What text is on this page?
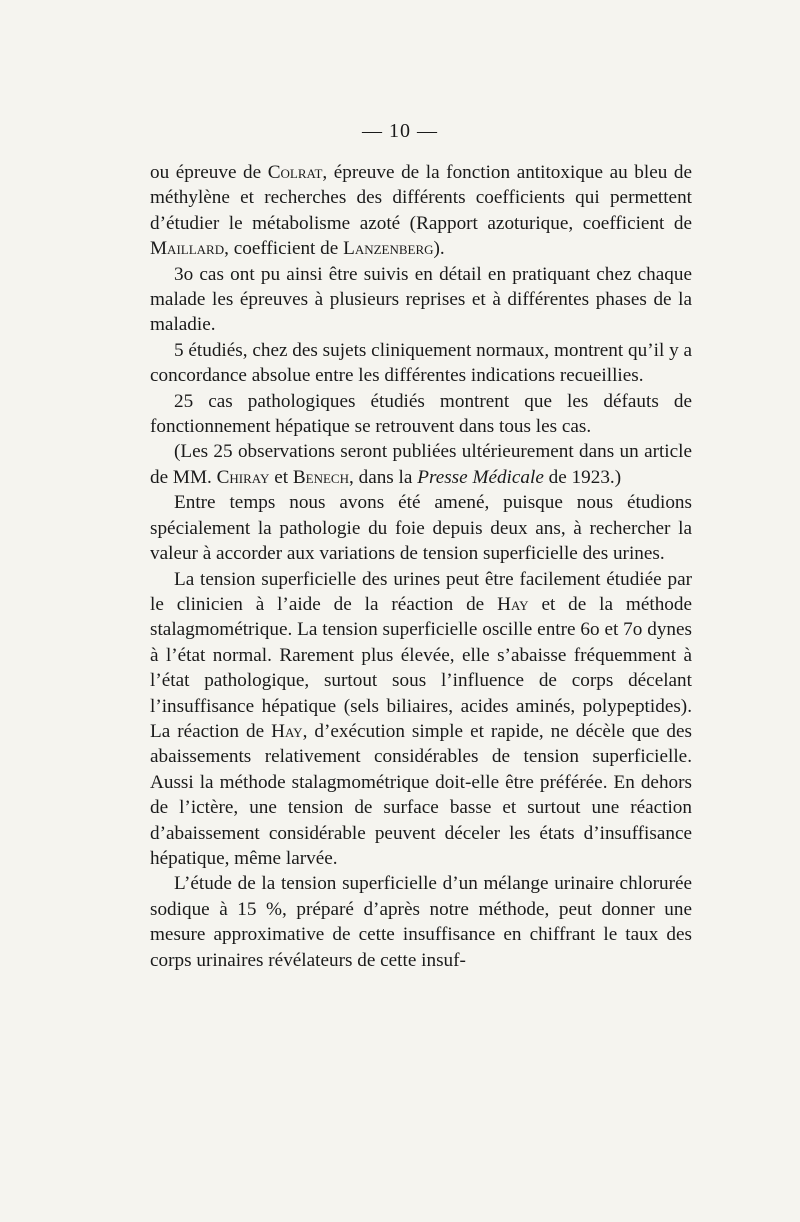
— 10 —

ou épreuve de Colrat, épreuve de la fonction antitoxique au bleu de méthylène et recherches des différents coefficients qui permettent d’étudier le métabolisme azoté (Rapport azoturique, coefficient de Maillard, coefficient de Lanzenberg).

3o cas ont pu ainsi être suivis en détail en pratiquant chez chaque malade les épreuves à plusieurs reprises et à différentes phases de la maladie.

5 étudiés, chez des sujets cliniquement normaux, montrent qu’il y a concordance absolue entre les différentes indications recueillies.

25 cas pathologiques étudiés montrent que les défauts de fonctionnement hépatique se retrouvent dans tous les cas.

(Les 25 observations seront publiées ultérieurement dans un article de MM. Chiray et Benech, dans la Presse Médicale de 1923.)

Entre temps nous avons été amené, puisque nous étudions spécialement la pathologie du foie depuis deux ans, à rechercher la valeur à accorder aux variations de tension superficielle des urines.

La tension superficielle des urines peut être facilement étudiée par le clinicien à l’aide de la réaction de Hay et de la méthode stalagmométrique. La tension superficielle oscille entre 6o et 7o dynes à l’état normal. Rarement plus élevée, elle s’abaisse fréquemment à l’état pathologique, surtout sous l’influence de corps décelant l’insuffisance hépatique (sels biliaires, acides aminés, polypeptides). La réaction de Hay, d’exécution simple et rapide, ne décèle que des abaissements relativement considérables de tension superficielle. Aussi la méthode stalagmométrique doit-elle être préférée. En dehors de l’ictère, une tension de surface basse et surtout une réaction d’abaissement considérable peuvent déceler les états d’insuffisance hépatique, même larvée.

L’étude de la tension superficielle d’un mélange urinaire chlorurée sodique à 15 %, préparé d’après notre méthode, peut donner une mesure approximative de cette insuffisance en chiffrant le taux des corps urinaires révélateurs de cette insuf-
